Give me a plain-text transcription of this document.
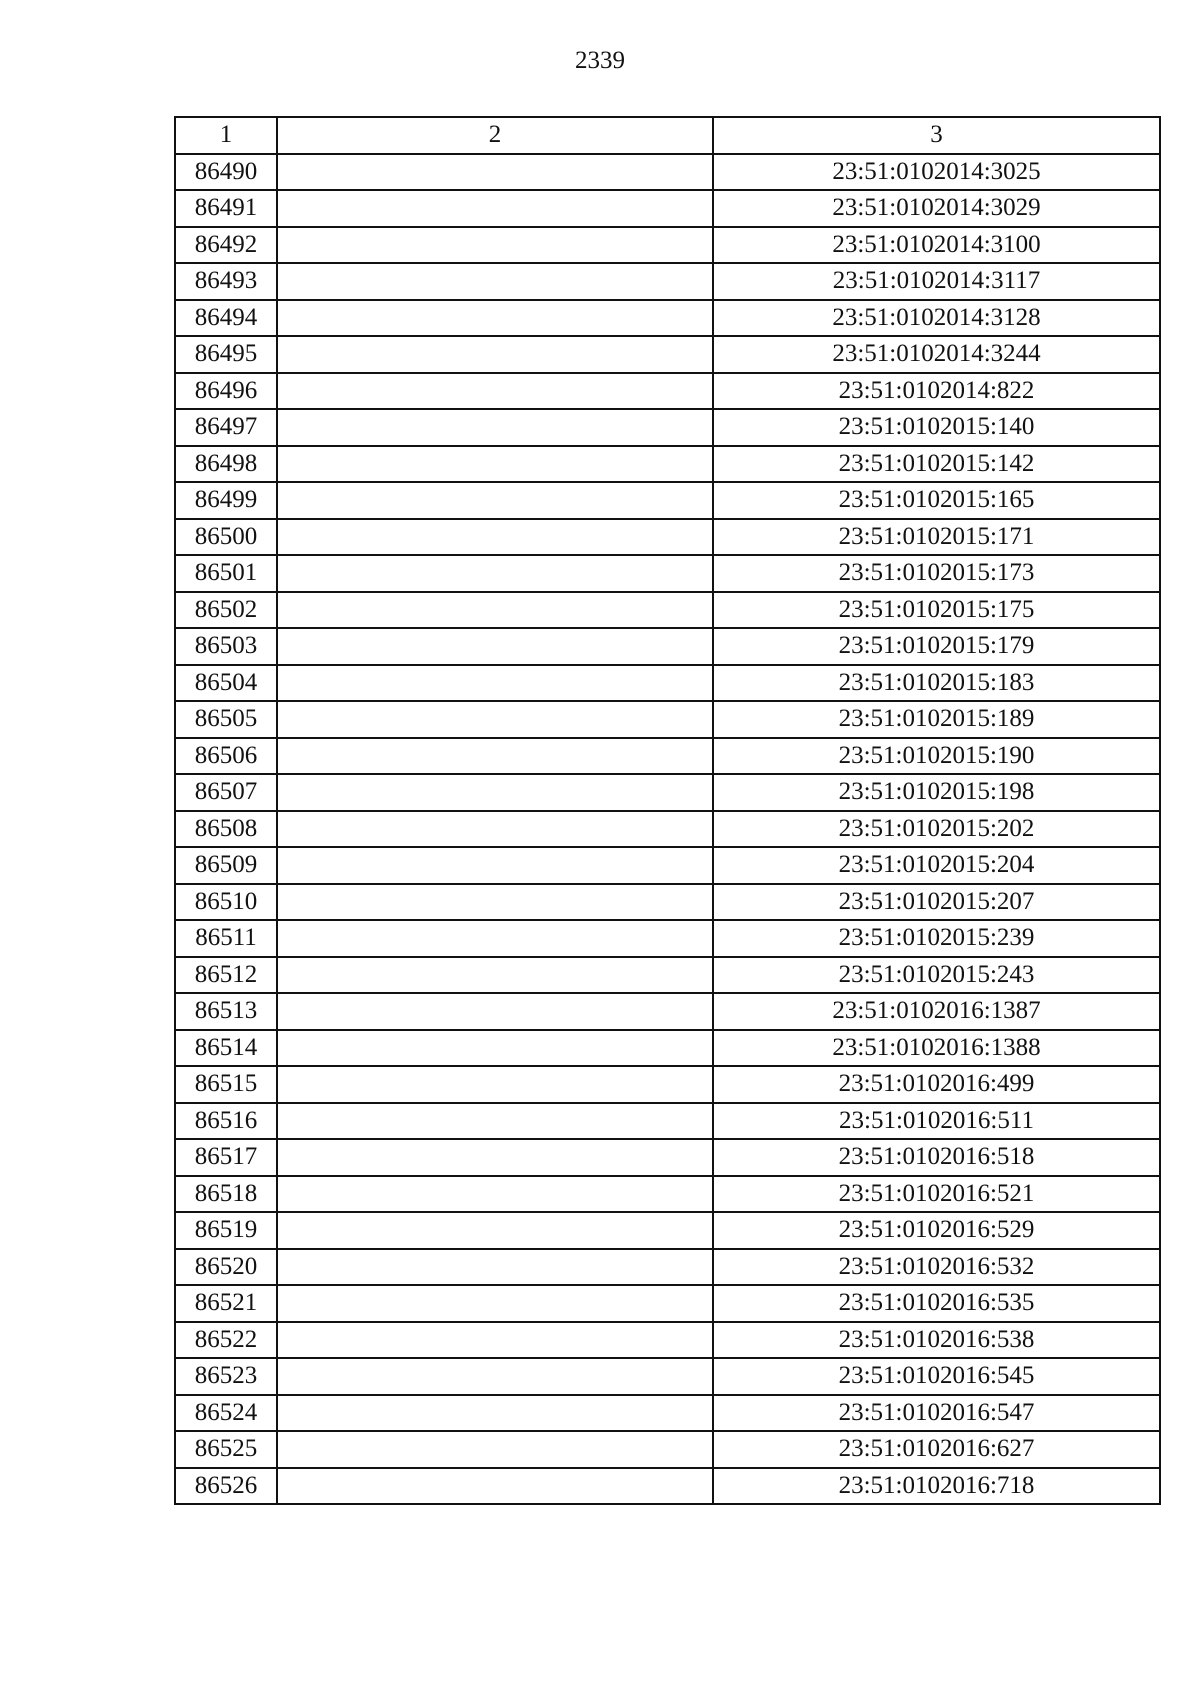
2339
1	2	3
86490		23:51:0102014:3025
86491		23:51:0102014:3029
86492		23:51:0102014:3100
86493		23:51:0102014:3117
86494		23:51:0102014:3128
86495		23:51:0102014:3244
86496		23:51:0102014:822
86497		23:51:0102015:140
86498		23:51:0102015:142
86499		23:51:0102015:165
86500		23:51:0102015:171
86501		23:51:0102015:173
86502		23:51:0102015:175
86503		23:51:0102015:179
86504		23:51:0102015:183
86505		23:51:0102015:189
86506		23:51:0102015:190
86507		23:51:0102015:198
86508		23:51:0102015:202
86509		23:51:0102015:204
86510		23:51:0102015:207
86511		23:51:0102015:239
86512		23:51:0102015:243
86513		23:51:0102016:1387
86514		23:51:0102016:1388
86515		23:51:0102016:499
86516		23:51:0102016:511
86517		23:51:0102016:518
86518		23:51:0102016:521
86519		23:51:0102016:529
86520		23:51:0102016:532
86521		23:51:0102016:535
86522		23:51:0102016:538
86523		23:51:0102016:545
86524		23:51:0102016:547
86525		23:51:0102016:627
86526		23:51:0102016:718
